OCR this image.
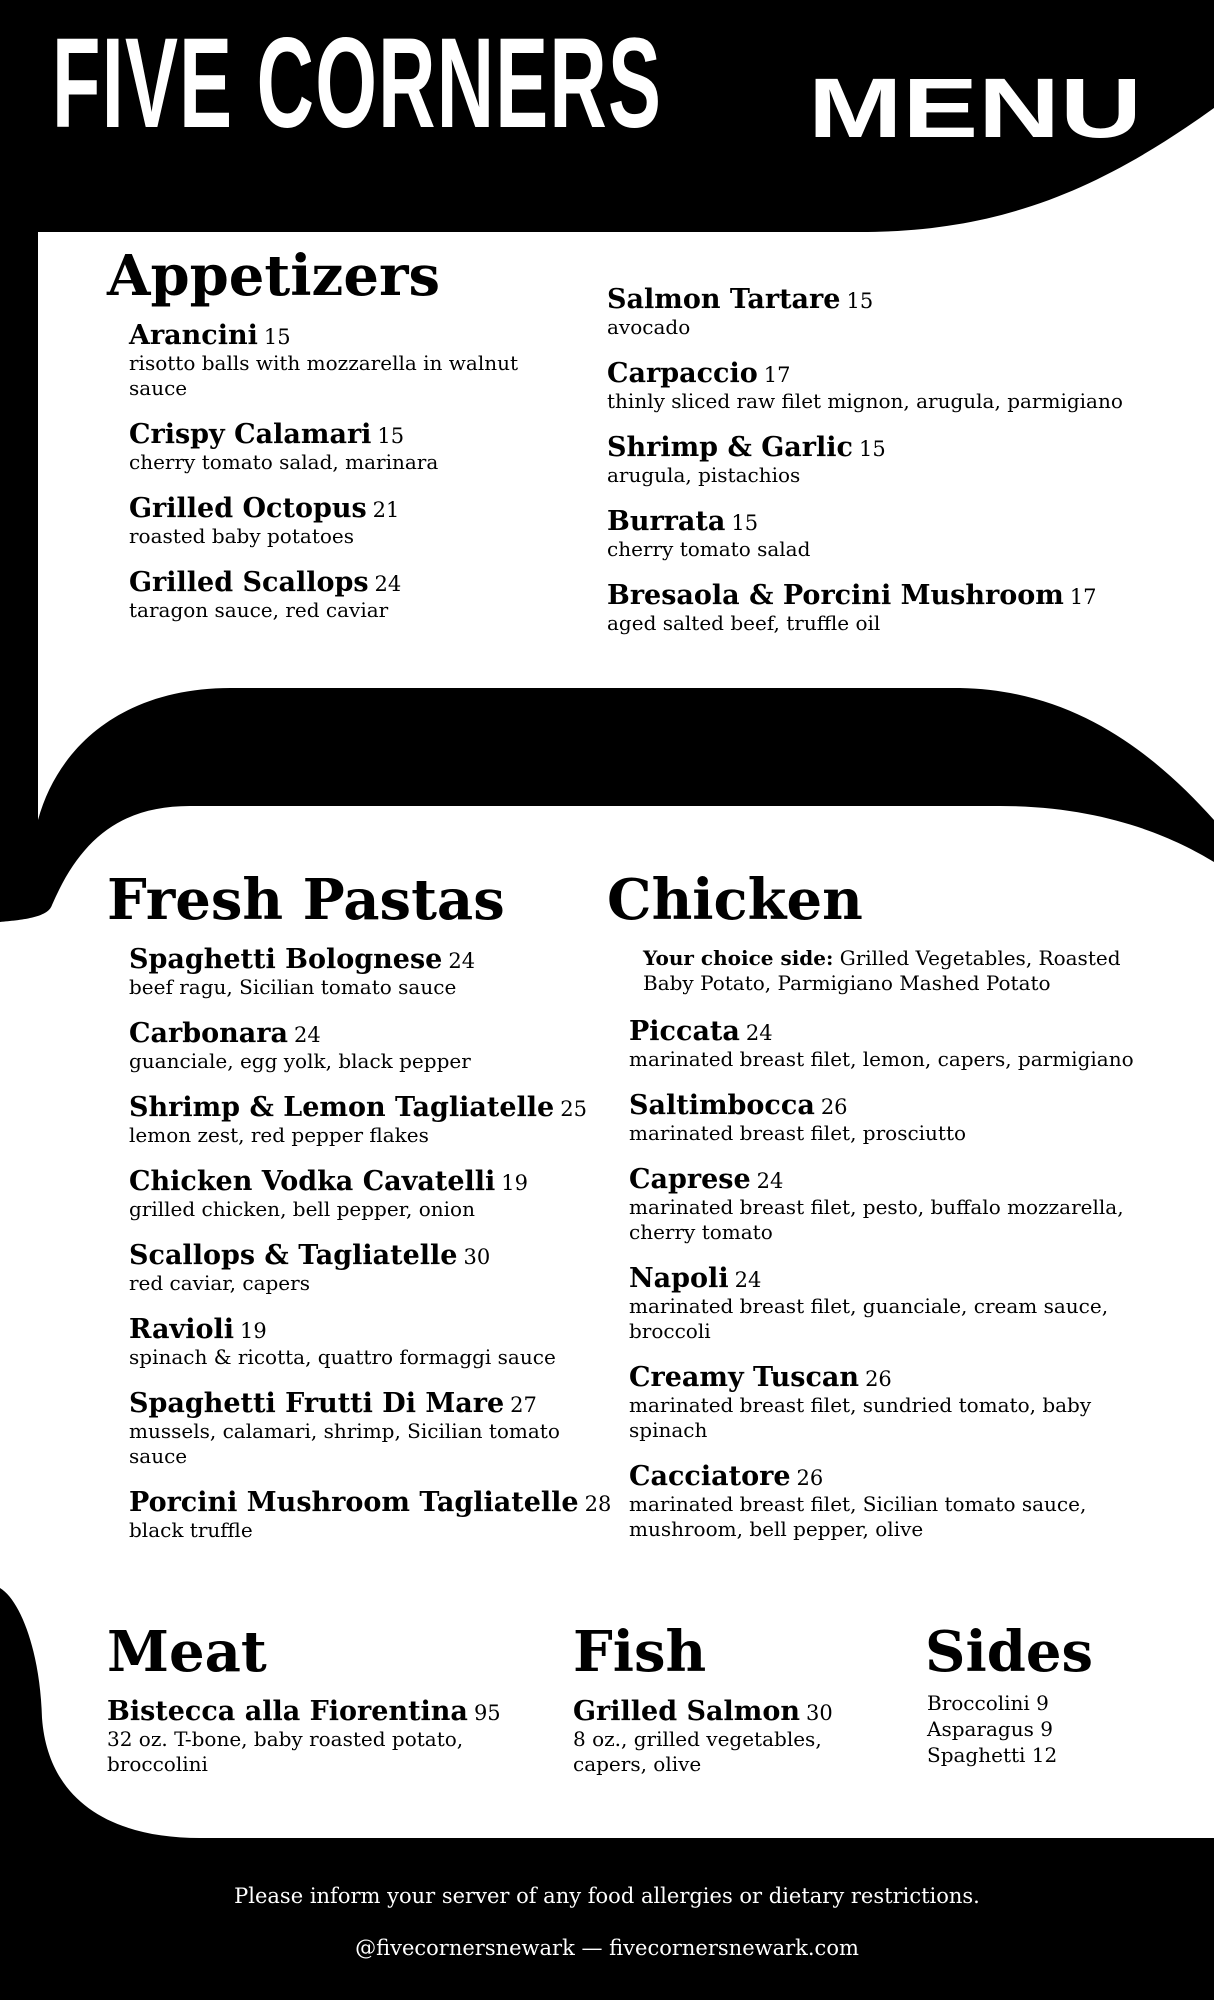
FIVE CORNERS MENU
Appetizers
Arancini 15
risotto balls with mozzarella in walnut sauce
Crispy Calamari 15
cherry tomato salad, marinara
Grilled Octopus 21
roasted baby potatoes
Grilled Scallops 24
taragon sauce, red caviar
Salmon Tartare 15
avocado
Carpaccio 17
thinly sliced raw filet mignon, arugula, parmigiano
Shrimp & Garlic 15
arugula, pistachios
Burrata 15
cherry tomato salad
Bresaola & Porcini Mushroom 17
aged salted beef, truffle oil
Fresh Pastas
Spaghetti Bolognese 24
beef ragu, Sicilian tomato sauce
Carbonara 24
guanciale, egg yolk, black pepper
Shrimp & Lemon Tagliatelle 25
lemon zest, red pepper flakes
Chicken Vodka Cavatelli 19
grilled chicken, bell pepper, onion
Scallops & Tagliatelle 30
red caviar, capers
Ravioli 19
spinach & ricotta, quattro formaggi sauce
Spaghetti Frutti Di Mare 27
mussels, calamari, shrimp, Sicilian tomato sauce
Porcini Mushroom Tagliatelle 28
black truffle
Chicken
Your choice side: Grilled Vegetables, Roasted Baby Potato, Parmigiano Mashed Potato
Piccata 24
marinated breast filet, lemon, capers, parmigiano
Saltimbocca 26
marinated breast filet, prosciutto
Caprese 24
marinated breast filet, pesto, buffalo mozzarella, cherry tomato
Napoli 24
marinated breast filet, guanciale, cream sauce, broccoli
Creamy Tuscan 26
marinated breast filet, sundried tomato, baby spinach
Cacciatore 26
marinated breast filet, Sicilian tomato sauce, mushroom, bell pepper, olive
Meat
Bistecca alla Fiorentina 95
32 oz. T-bone, baby roasted potato, broccolini
Fish
Grilled Salmon 30
8 oz., grilled vegetables, capers, olive
Sides
Broccolini 9
Asparagus 9
Spaghetti 12
Please inform your server of any food allergies or dietary restrictions.
@fivecornersnewark — fivecornersnewark.com
